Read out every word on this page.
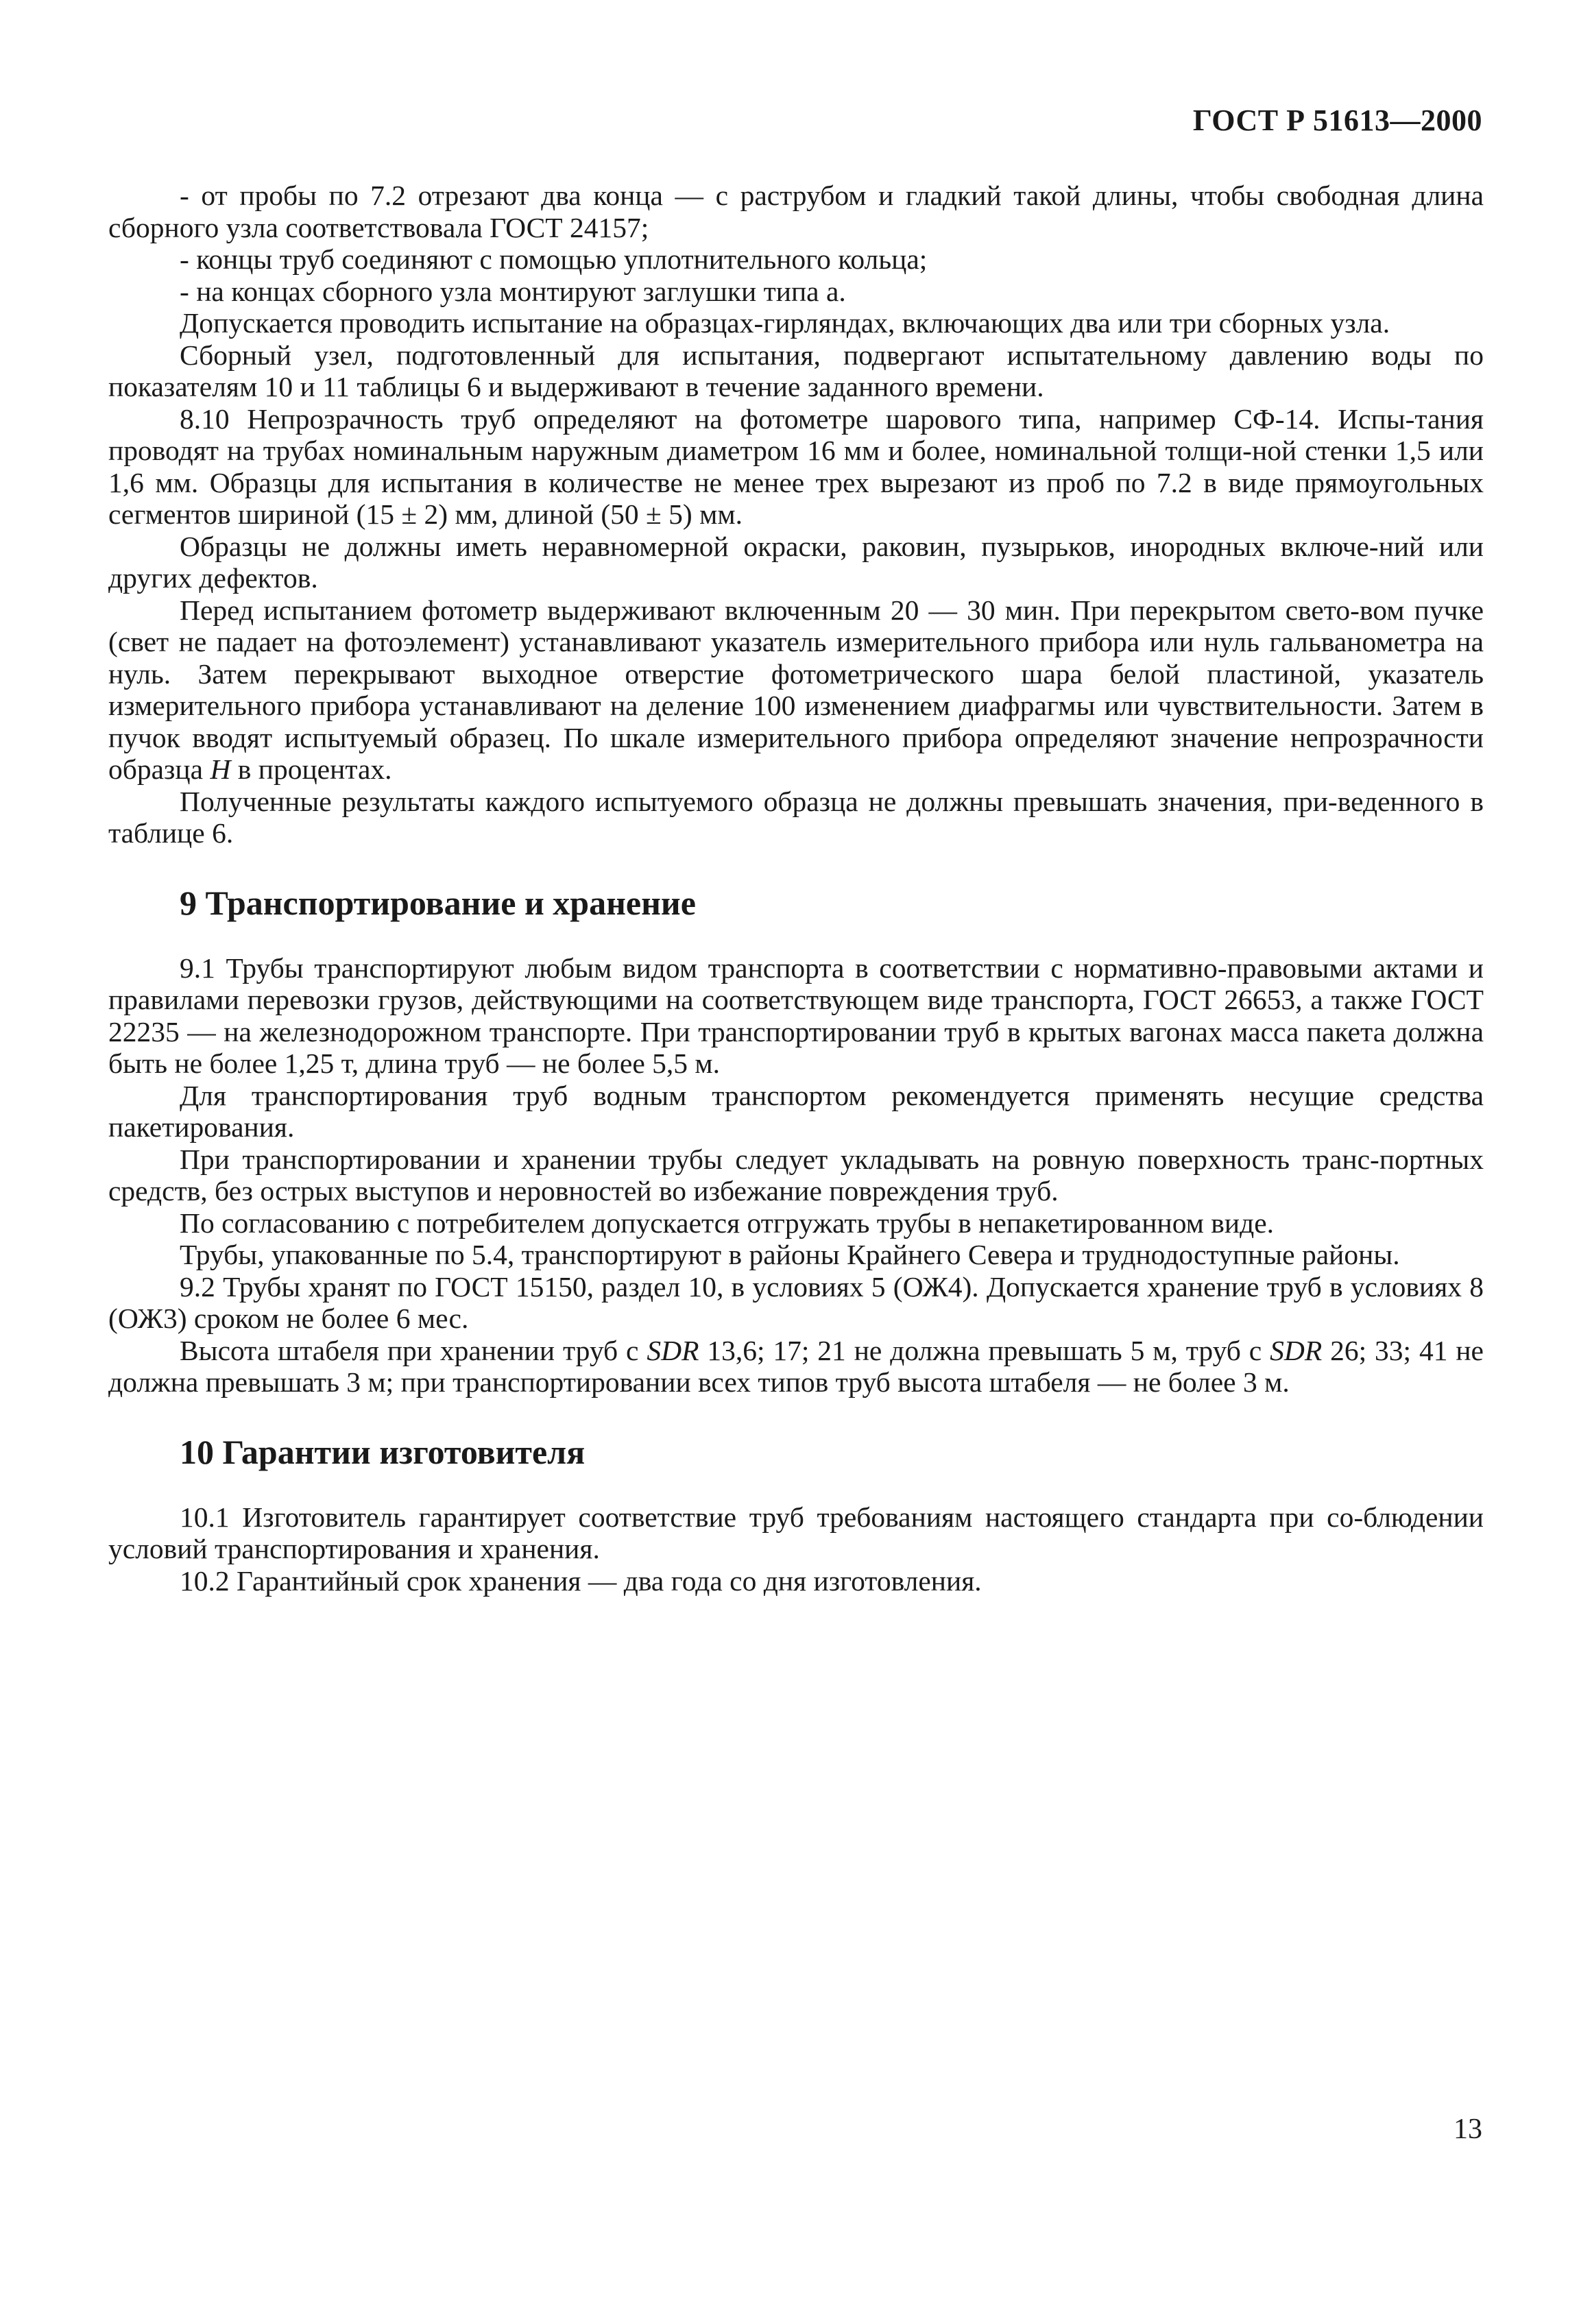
ГОСТ Р 51613—2000

- от пробы по 7.2 отрезают два конца — с раструбом и гладкий такой длины, чтобы свободная длина сборного узла соответствовала ГОСТ 24157;

- концы труб соединяют с помощью уплотнительного кольца;

- на концах сборного узла монтируют заглушки типа а.

Допускается проводить испытание на образцах-гирляндах, включающих два или три сборных узла.

Сборный узел, подготовленный для испытания, подвергают испытательному давлению воды по показателям 10 и 11 таблицы 6 и выдерживают в течение заданного времени.

8.10 Непрозрачность труб определяют на фотометре шарового типа, например СФ-14. Испы-тания проводят на трубах номинальным наружным диаметром 16 мм и более, номинальной толщи-ной стенки 1,5 или 1,6 мм. Образцы для испытания в количестве не менее трех вырезают из проб по 7.2 в виде прямоугольных сегментов шириной (15 ± 2) мм, длиной (50 ± 5) мм.

Образцы не должны иметь неравномерной окраски, раковин, пузырьков, инородных включе-ний или других дефектов.

Перед испытанием фотометр выдерживают включенным 20 — 30 мин. При перекрытом свето-вом пучке (свет не падает на фотоэлемент) устанавливают указатель измерительного прибора или нуль гальванометра на нуль. Затем перекрывают выходное отверстие фотометрического шара белой пластиной, указатель измерительного прибора устанавливают на деление 100 изменением диафрагмы или чувствительности. Затем в пучок вводят испытуемый образец. По шкале измерительного прибора определяют значение непрозрачности образца H в процентах.

Полученные результаты каждого испытуемого образца не должны превышать значения, при-веденного в таблице 6.

9 Транспортирование и хранение

9.1 Трубы транспортируют любым видом транспорта в соответствии с нормативно-правовыми актами и правилами перевозки грузов, действующими на соответствующем виде транспорта, ГОСТ 26653, а также ГОСТ 22235 — на железнодорожном транспорте. При транспортировании труб в крытых вагонах масса пакета должна быть не более 1,25 т, длина труб — не более 5,5 м.

Для транспортирования труб водным транспортом рекомендуется применять несущие средства пакетирования.

При транспортировании и хранении трубы следует укладывать на ровную поверхность транс-портных средств, без острых выступов и неровностей во избежание повреждения труб.

По согласованию с потребителем допускается отгружать трубы в непакетированном виде.

Трубы, упакованные по 5.4, транспортируют в районы Крайнего Севера и труднодоступные районы.

9.2 Трубы хранят по ГОСТ 15150, раздел 10, в условиях 5 (ОЖ4). Допускается хранение труб в условиях 8 (ОЖ3) сроком не более 6 мес.

Высота штабеля при хранении труб с SDR 13,6; 17; 21 не должна превышать 5 м, труб с SDR 26; 33; 41 не должна превышать 3 м; при транспортировании всех типов труб высота штабеля — не более 3 м.

10 Гарантии изготовителя

10.1 Изготовитель гарантирует соответствие труб требованиям настоящего стандарта при со-блюдении условий транспортирования и хранения.

10.2 Гарантийный срок хранения — два года со дня изготовления.

13
